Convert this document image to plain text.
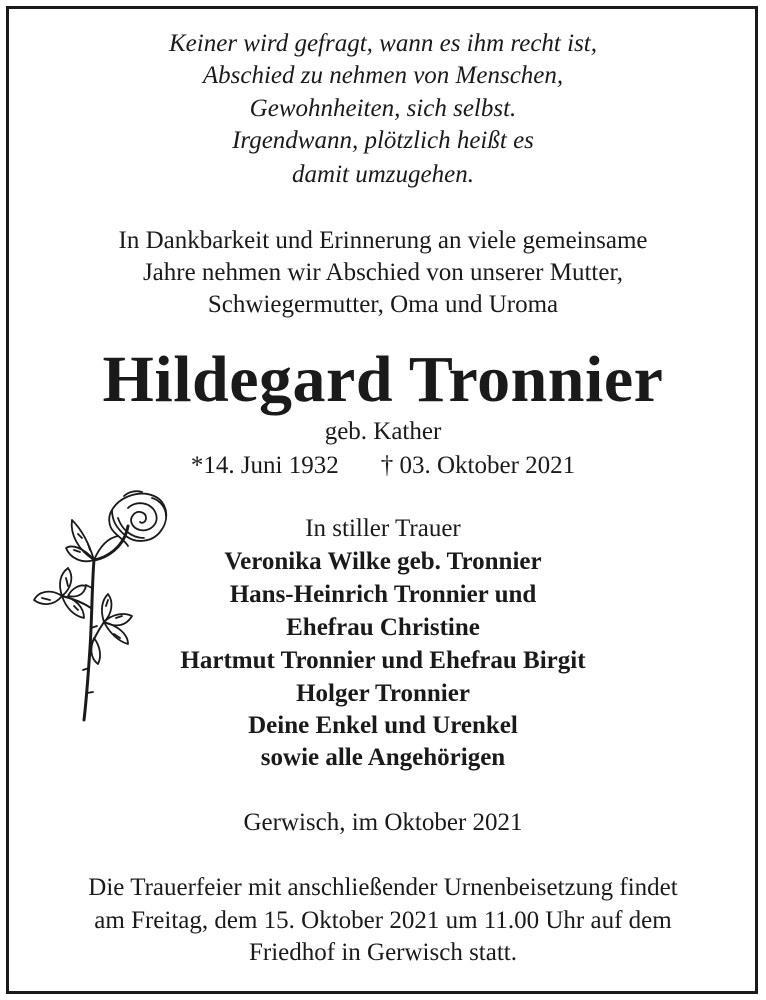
Keiner wird gefragt, wann es ihm recht ist,
Abschied zu nehmen von Menschen,
Gewohnheiten, sich selbst.
Irgendwann, plötzlich heißt es
damit umzugehen.
In Dankbarkeit und Erinnerung an viele gemeinsame
Jahre nehmen wir Abschied von unserer Mutter,
Schwiegermutter, Oma und Uroma
Hildegard Tronnier
geb. Kather
*14. Juni 1932 † 03. Oktober 2021
In stiller Trauer
Veronika Wilke geb. Tronnier
Hans-Heinrich Tronnier und
Ehefrau Christine
Hartmut Tronnier und Ehefrau Birgit
Holger Tronnier
Deine Enkel und Urenkel
sowie alle Angehörigen
Gerwisch, im Oktober 2021
Die Trauerfeier mit anschließender Urnenbeisetzung findet
am Freitag, dem 15. Oktober 2021 um 11.00 Uhr auf dem
Friedhof in Gerwisch statt.
